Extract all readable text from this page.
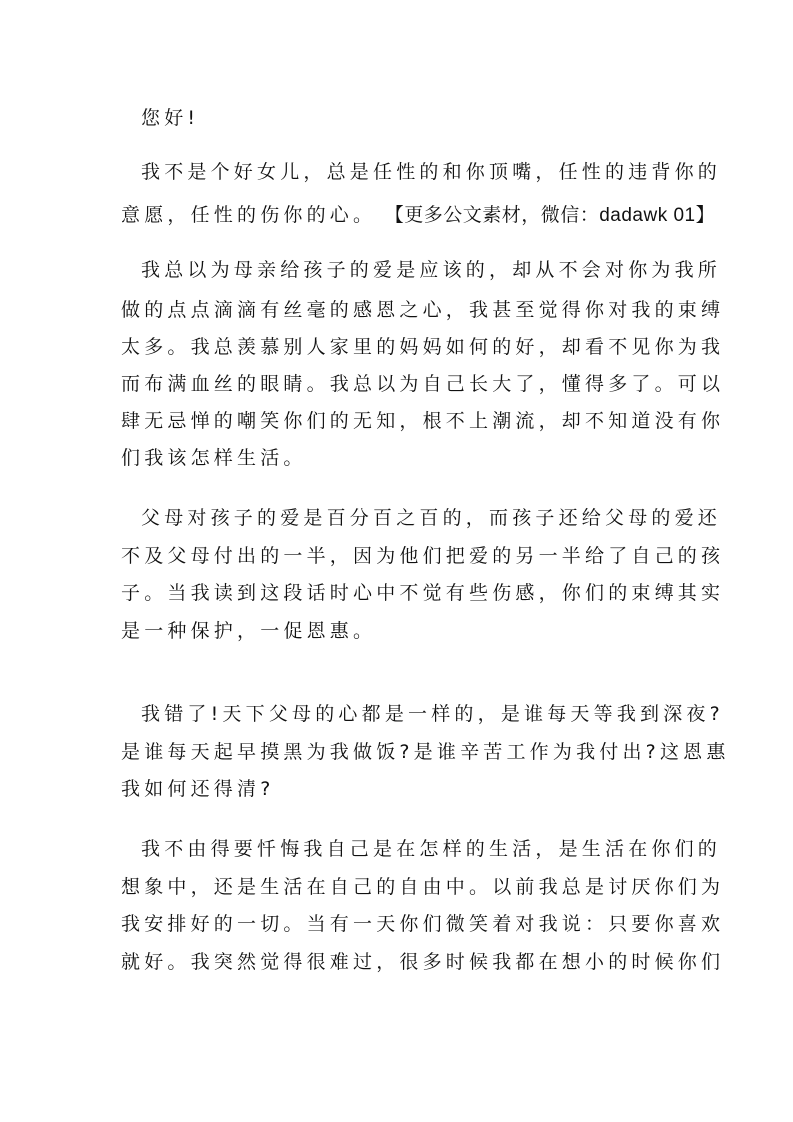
您好!
我不是个好女儿，总是任性的和你顶嘴，任性的违背你的
意愿，任性的伤你的心。 【更多公文素材，微信：dadawk 01】
我总以为母亲给孩子的爱是应该的，却从不会对你为我所
做的点点滴滴有丝毫的感恩之心，我甚至觉得你对我的束缚
太多。我总羡慕别人家里的妈妈如何的好，却看不见你为我
而布满血丝的眼睛。我总以为自己长大了，懂得多了。可以
肆无忌惮的嘲笑你们的无知，根不上潮流，却不知道没有你
们我该怎样生活。
父母对孩子的爱是百分百之百的，而孩子还给父母的爱还
不及父母付出的一半，因为他们把爱的另一半给了自己的孩
子。当我读到这段话时心中不觉有些伤感，你们的束缚其实
是一种保护，一促恩惠。
我错了!天下父母的心都是一样的，是谁每天等我到深夜?
是谁每天起早摸黑为我做饭?是谁辛苦工作为我付出?这恩惠
我如何还得清?
我不由得要忏悔我自己是在怎样的生活，是生活在你们的
想象中，还是生活在自己的自由中。以前我总是讨厌你们为
我安排好的一切。当有一天你们微笑着对我说：只要你喜欢
就好。我突然觉得很难过，很多时候我都在想小的时候你们
